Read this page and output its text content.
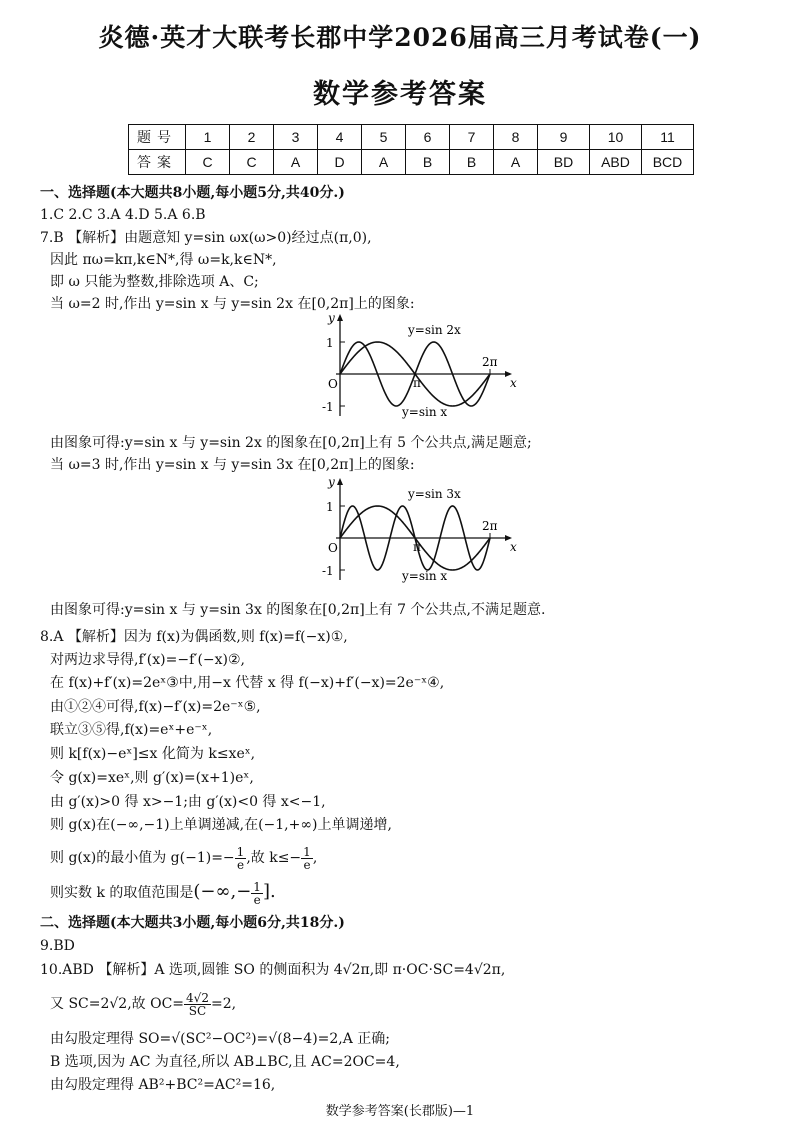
炎德·英才大联考长郡中学2026届高三月考试卷(一)
数学参考答案
题号	1	2	3	4	5	6	7	8	9	10	11
答案	C	C	A	D	A	B	B	A	BD	ABD	BCD
一、选择题(本大题共8小题,每小题5分,共40分.)
1.C 2.C 3.A 4.D 5.A 6.B
7.B 【解析】由题意知 y=sin ωx(ω>0)经过点(π,0),
因此 πω=kπ,k∈N*,得 ω=k,k∈N*,
即 ω 只能为整数,排除选项 A、C;
当 ω=2 时,作出 y=sin x 与 y=sin 2x 在[0,2π]上的图象:
y
x
O
1
-1
π
2π
y=sin 2x
y=sin x
由图象可得:y=sin x 与 y=sin 2x 的图象在[0,2π]上有 5 个公共点,满足题意;
当 ω=3 时,作出 y=sin x 与 y=sin 3x 在[0,2π]上的图象:
y
x
O
1
-1
π
2π
y=sin 3x
y=sin x
由图象可得:y=sin x 与 y=sin 3x 的图象在[0,2π]上有 7 个公共点,不满足题意.
8.A 【解析】因为 f(x)为偶函数,则 f(x)=f(−x)①,
对两边求导得,f′(x)=−f′(−x)②,
在 f(x)+f′(x)=2eˣ③中,用−x 代替 x 得 f(−x)+f′(−x)=2e⁻ˣ④,
由①②④可得,f(x)−f′(x)=2e⁻ˣ⑤,
联立③⑤得,f(x)=eˣ+e⁻ˣ,
则 k[f(x)−eˣ]≤x 化简为 k≤xeˣ,
令 g(x)=xeˣ,则 g′(x)=(x+1)eˣ,
由 g′(x)>0 得 x>−1;由 g′(x)<0 得 x<−1,
则 g(x)在(−∞,−1)上单调递减,在(−1,+∞)上单调递增,
则 g(x)的最小值为 $g(-1)=- \frac{1}{e}$ ,故 $k\le- \frac{1}{e}$ ,
则实数 k 的取值范围是(−∞,− $\frac{1}{e}$ ].
二、选择题(本大题共3小题,每小题6分,共18分.)
9.BD
10.ABD 【解析】A 选项,圆锥 SO 的侧面积为 4√2π,即 π·OC·SC=4√2π,
又 SC=2√2,故 $OC= \frac{4√2}{SC} =2$,
由勾股定理得 SO=√(SC²−OC²)=√(8−4)=2,A 正确;
B 选项,因为 AC 为直径,所以 AB⊥BC,且 AC=2OC=4,
由勾股定理得 AB²+BC²=AC²=16,
数学参考答案(长郡版)—1
